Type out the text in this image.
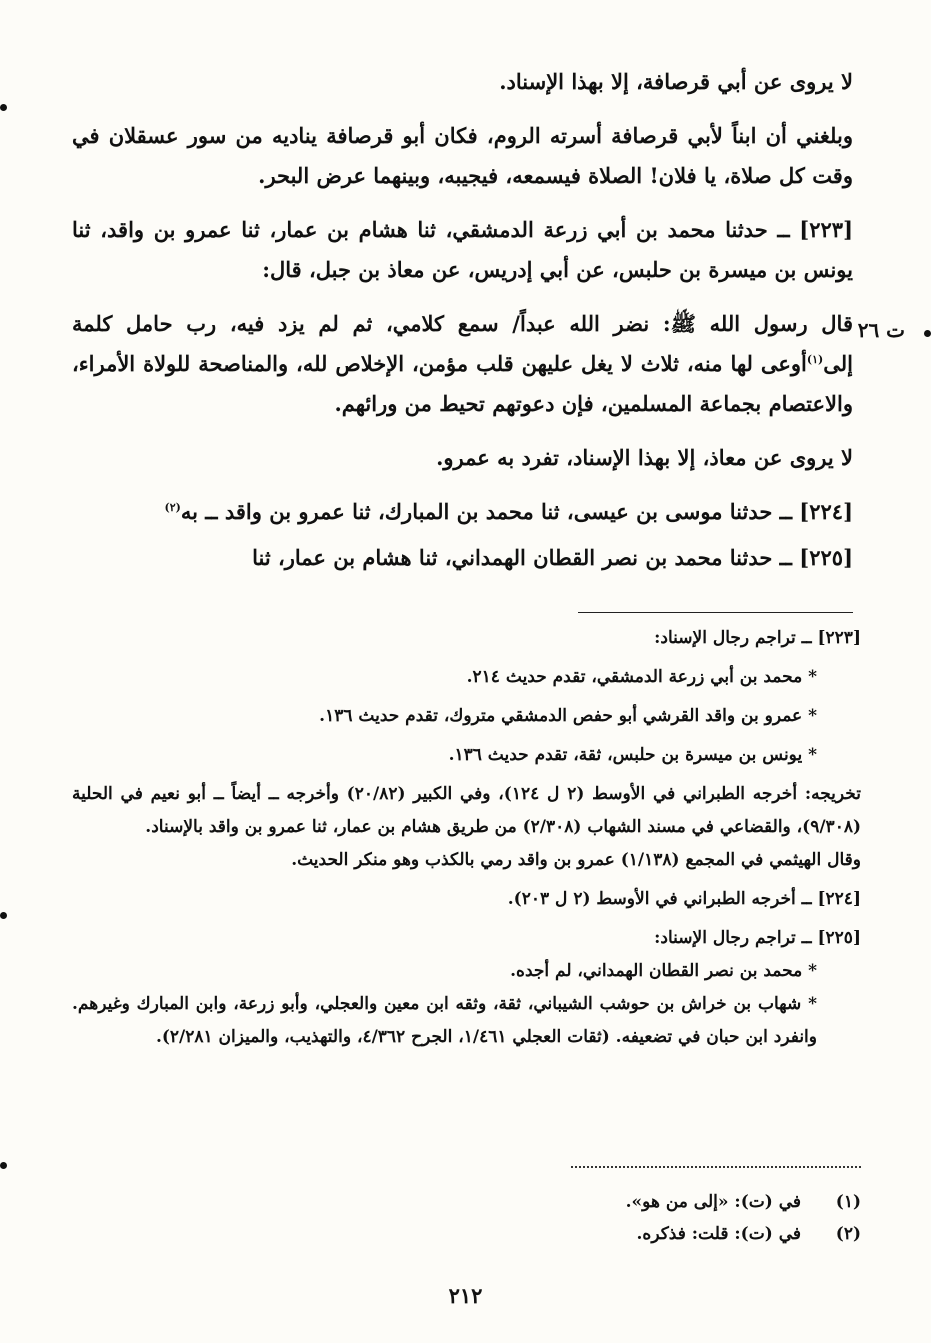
لا يروى عن أبي قرصافة، إلا بهذا الإسناد.

وبلغني أن ابناً لأبي قرصافة أسرته الروم، فكان أبو قرصافة يناديه من سور عسقلان في وقت كل صلاة، يا فلان! الصلاة فيسمعه، فيجيبه، وبينهما عرض البحر.

[٢٢٣] ــ حدثنا محمد بن أبي زرعة الدمشقي، ثنا هشام بن عمار، ثنا عمرو بن واقد، ثنا يونس بن ميسرة بن حلبس، عن أبي إدريس، عن معاذ بن جبل، قال:

قال رسول الله ﷺ: نضر الله عبداً/ سمع كلامي، ثم لم يزد فيه، رب حامل كلمة إلى$^{(١)}$أوعى لها منه، ثلاث لا يغل عليهن قلب مؤمن، الإخلاص لله، والمناصحة للولاة الأمراء، والاعتصام بجماعة المسلمين، فإن دعوتهم تحيط من ورائهم.

لا يروى عن معاذ، إلا بهذا الإسناد، تفرد به عمرو.

[٢٢٤] ــ حدثنا موسى بن عيسى، ثنا محمد بن المبارك، ثنا عمرو بن واقد ــ به$^{(٢)}$

[٢٢٥] ــ حدثنا محمد بن نصر القطان الهمداني، ثنا هشام بن عمار، ثنا

ت ٢٦

[٢٢٣] ــ تراجم رجال الإسناد:

* محمد بن أبي زرعة الدمشقي، تقدم حديث ٢١٤.

* عمرو بن واقد القرشي أبو حفص الدمشقي متروك، تقدم حديث ١٣٦.

* يونس بن ميسرة بن حلبس، ثقة، تقدم حديث ١٣٦.

تخريجه: أخرجه الطبراني في الأوسط (٢ ل ١٢٤)، وفي الكبير (٢٠/٨٢) وأخرجه ــ أيضاً ــ أبو نعيم في الحلية (٩/٣٠٨)، والقضاعي في مسند الشهاب (٢/٣٠٨) من طريق هشام بن عمار، ثنا عمرو بن واقد بالإسناد.

وقال الهيثمي في المجمع (١/١٣٨) عمرو بن واقد رمي بالكذب وهو منكر الحديث.

[٢٢٤] ــ أخرجه الطبراني في الأوسط (٢ ل ٢٠٣).

[٢٢٥] ــ تراجم رجال الإسناد:

* محمد بن نصر القطان الهمداني، لم أجده.

* شهاب بن خراش بن حوشب الشيباني، ثقة، وثقه ابن معين والعجلي، وأبو زرعة، وابن المبارك وغيرهم. وانفرد ابن حبان في تضعيفه. (ثقات العجلي ١/٤٦١، الجرح ٤/٣٦٢، والتهذيب، والميزان ٢/٢٨١).

(١)
في (ت): «إلى من هو».
(٢)
في (ت): قلت: فذكره.
٢١٢
